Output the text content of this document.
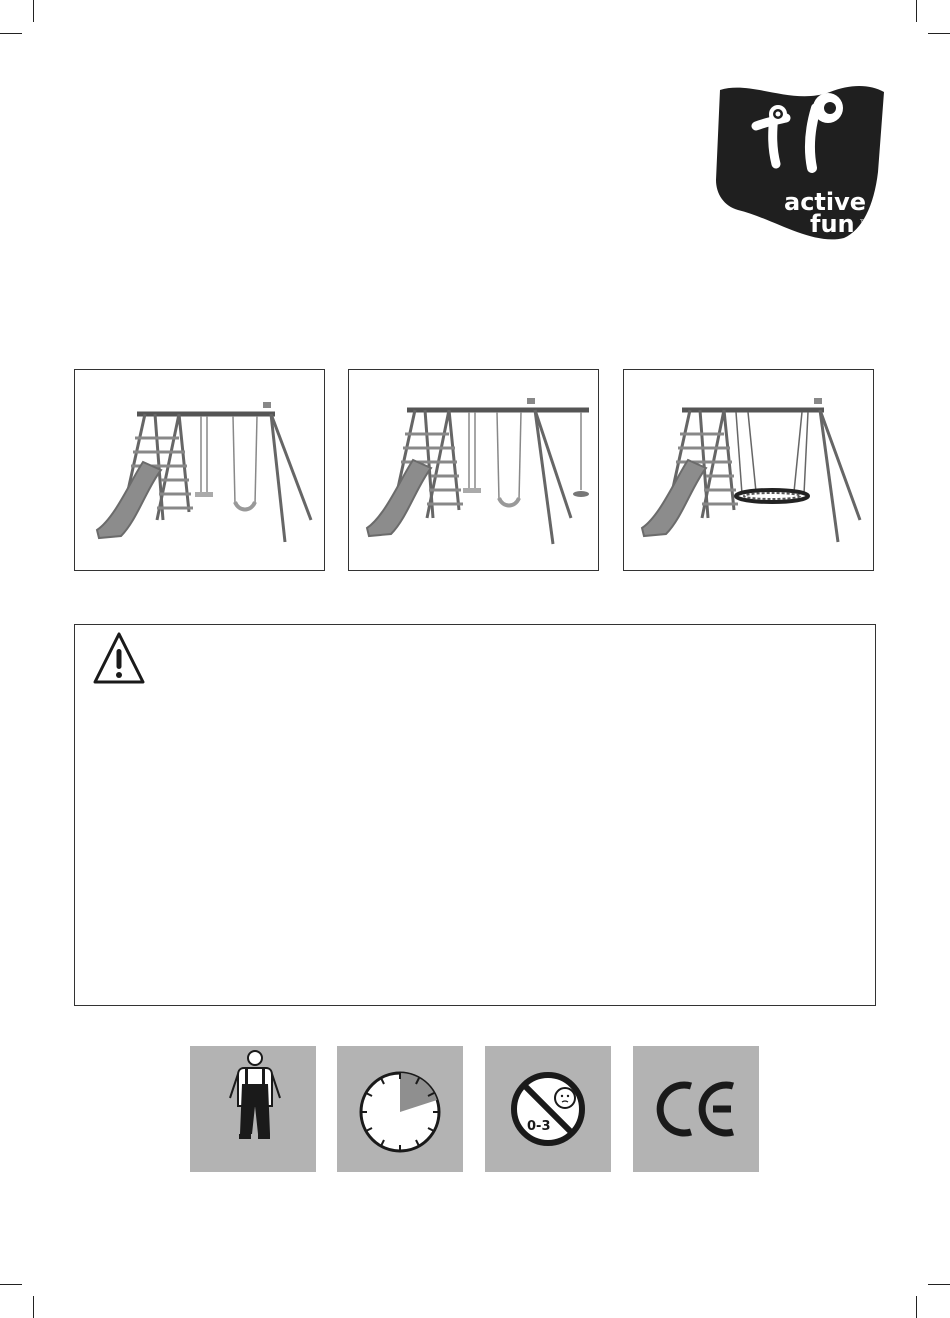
active
fun TM
0-3
